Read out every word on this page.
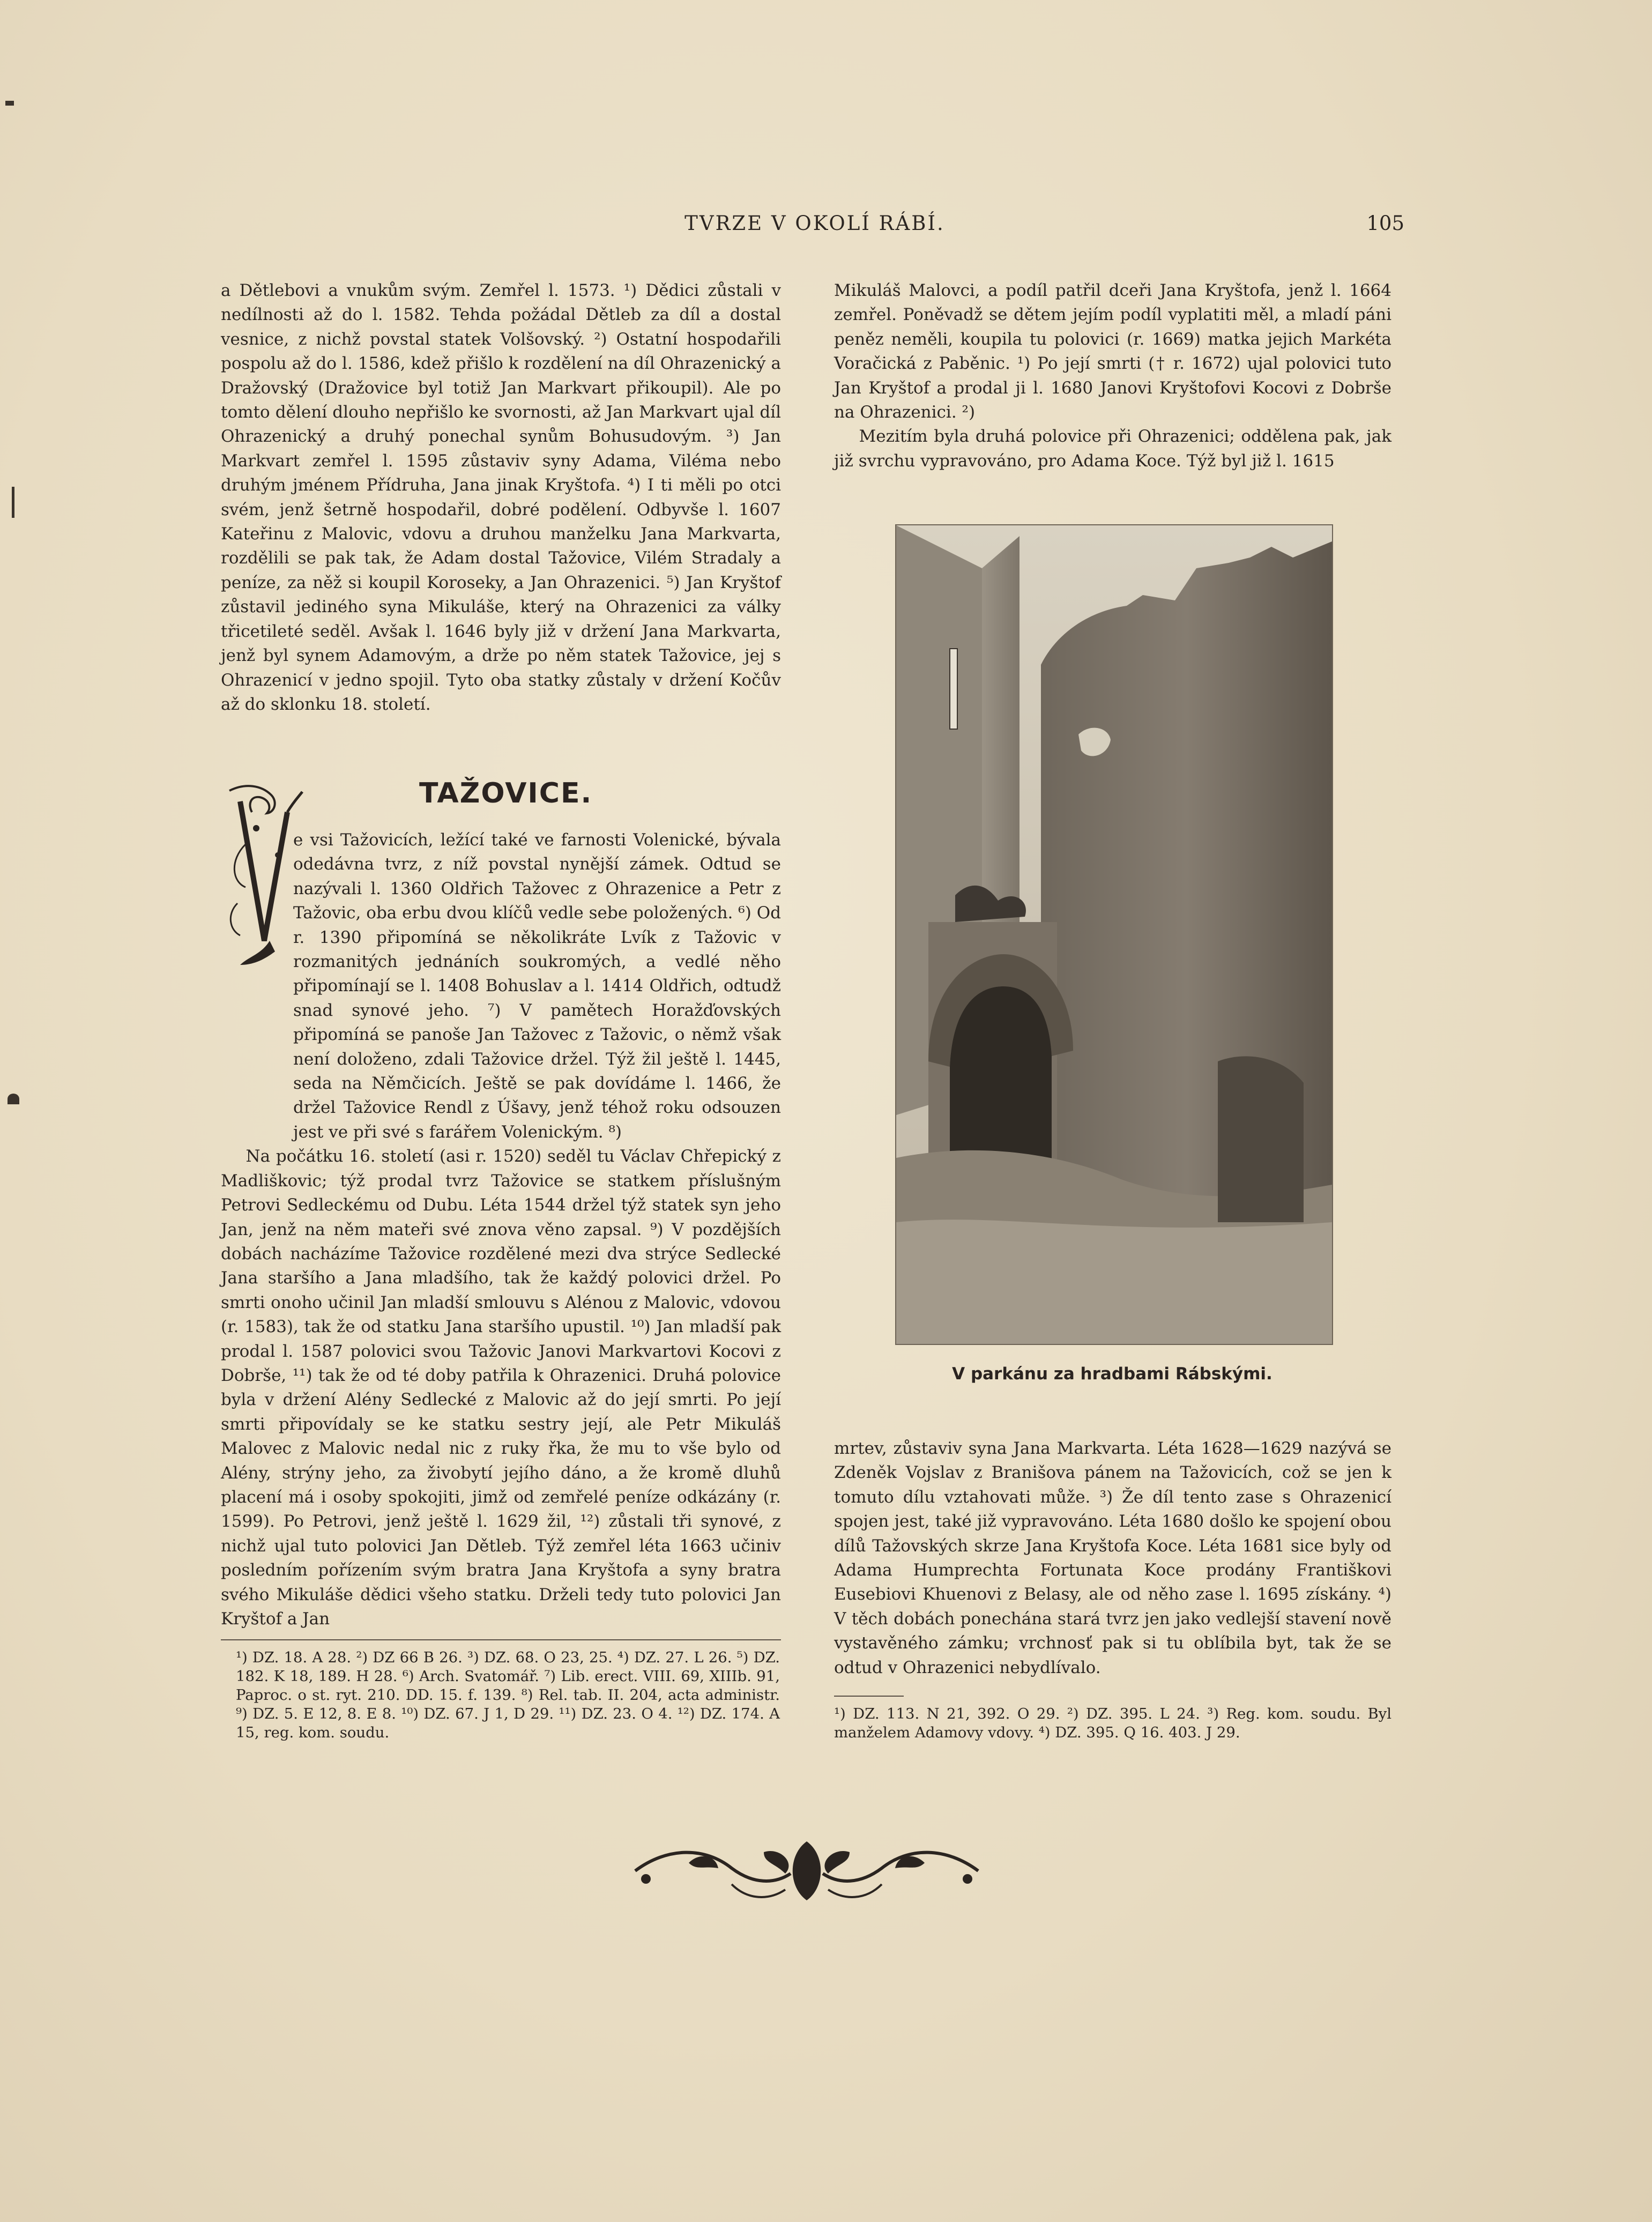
TVRZE V OKOLÍ RÁBÍ.	105

a Dětlebovi a vnukům svým. Zemřel l. 1573. ¹) Dědici zůstali v nedílnosti až do l. 1582. Tehda požádal Dětleb za díl a dostal vesnice, z nichž povstal statek Volšovský. ²) Ostatní hospodařili pospolu až do l. 1586, kdež přišlo k rozdělení na díl Ohrazenický a Dražovský (Dražovice byl totiž Jan Markvart přikoupil). Ale po tomto dělení dlouho nepřišlo ke svornosti, až Jan Markvart ujal díl Ohrazenický a druhý ponechal synům Bohusudovým. ³) Jan Markvart zemřel l. 1595 zůstaviv syny Adama, Viléma nebo druhým jménem Přídruha, Jana jinak Kryštofa. ⁴) I ti měli po otci svém, jenž šetrně hospodařil, dobré podělení. Odbyvše l. 1607 Kateřinu z Malovic, vdovu a druhou manželku Jana Markvarta, rozdělili se pak tak, že Adam dostal Tažovice, Vilém Stradaly a peníze, za něž si koupil Koroseky, a Jan Ohrazenici. ⁵) Jan Kryštof zůstavil jediného syna Mikuláše, který na Ohrazenici za války třicetileté seděl. Avšak l. 1646 byly již v držení Jana Markvarta, jenž byl synem Adamovým, a drže po něm statek Tažovice, jej s Ohrazenicí v jedno spojil. Tyto oba statky zůstaly v držení Kočův až do sklonku 18. století.

TAŽOVICE.

e vsi Tažovicích, ležící také ve farnosti Volenické, bývala odedávna tvrz, z níž povstal nynější zámek. Odtud se nazývali l. 1360 Oldřich Tažovec z Ohrazenice a Petr z Tažovic, oba erbu dvou klíčů vedle sebe položených. ⁶) Od r. 1390 připomíná se několikráte Lvík z Tažovic v rozmanitých jednáních soukromých, a vedlé něho připomínají se l. 1408 Bohuslav a l. 1414 Oldřich, odtudž snad synové jeho. ⁷) V pamětech Horažďovských připomíná se panoše Jan Tažovec z Tažovic, o němž však není doloženo, zdali Tažovice držel. Týž žil ještě l. 1445, seda na Němčicích. Ještě se pak dovídáme l. 1466, že držel Tažovice Rendl z Úšavy, jenž téhož roku odsouzen jest ve při své s farářem Volenickým. ⁸)

Na počátku 16. století (asi r. 1520) seděl tu Václav Chřepický z Madliškovic; týž prodal tvrz Tažovice se statkem příslušným Petrovi Sedleckému od Dubu. Léta 1544 držel týž statek syn jeho Jan, jenž na něm mateři své znova věno zapsal. ⁹) V pozdějších dobách nacházíme Tažovice rozdělené mezi dva strýce Sedlecké Jana staršího a Jana mladšího, tak že každý polovici držel. Po smrti onoho učinil Jan mladší smlouvu s Alénou z Malovic, vdovou (r. 1583), tak že od statku Jana staršího upustil. ¹⁰) Jan mladší pak prodal l. 1587 polovici svou Tažovic Janovi Markvartovi Kocovi z Dobrše, ¹¹) tak že od té doby patřila k Ohrazenici. Druhá polovice byla v držení Alény Sedlecké z Malovic až do její smrti. Po její smrti připovídaly se ke statku sestry její, ale Petr Mikuláš Malovec z Malovic nedal nic z ruky řka, že mu to vše bylo od Alény, strýny jeho, za živobytí jejího dáno, a že kromě dluhů placení má i osoby spokojiti, jimž od zemřelé peníze odkázány (r. 1599). Po Petrovi, jenž ještě l. 1629 žil, ¹²) zůstali tři synové, z nichž ujal tuto polovici Jan Dětleb. Týž zemřel léta 1663 učiniv posledním pořízením svým bratra Jana Kryštofa a syny bratra svého Mikuláše dědici všeho statku. Drželi tedy tuto polovici Jan Kryštof a Jan

Mikuláš Malovci, a podíl patřil dceři Jana Kryštofa, jenž l. 1664 zemřel. Poněvadž se dětem jejím podíl vyplatiti měl, a mladí páni peněz neměli, koupila tu polovici (r. 1669) matka jejich Markéta Voračická z Paběnic. ¹) Po její smrti († r. 1672) ujal polovici tuto Jan Kryštof a prodal ji l. 1680 Janovi Kryštofovi Kocovi z Dobrše na Ohrazenici. ²)

Mezitím byla druhá polovice při Ohrazenici; oddělena pak, jak již svrchu vypravováno, pro Adama Koce. Týž byl již l. 1615

V parkánu za hradbami Rábskými.

mrtev, zůstaviv syna Jana Markvarta. Léta 1628—1629 nazývá se Zdeněk Vojslav z Branišova pánem na Tažovicích, což se jen k tomuto dílu vztahovati může. ³) Že díl tento zase s Ohrazenicí spojen jest, také již vypravováno. Léta 1680 došlo ke spojení obou dílů Tažovských skrze Jana Kryštofa Koce. Léta 1681 sice byly od Adama Humprechta Fortunata Koce prodány Františkovi Eusebiovi Khuenovi z Belasy, ale od něho zase l. 1695 získány. ⁴) V těch dobách ponechána stará tvrz jen jako vedlejší stavení nově vystavěného zámku; vrchnosť pak si tu oblíbila byt, tak že se odtud v Ohrazenici nebydlívalo.

¹) DZ. 18. A 28. ²) DZ 66 B 26. ³) DZ. 68. O 23, 25. ⁴) DZ. 27. L 26. ⁵) DZ. 182. K 18, 189. H 28. ⁶) Arch. Svatomář. ⁷) Lib. erect. VIII. 69, XIIIb. 91, Paproc. o st. ryt. 210. DD. 15. f. 139. ⁸) Rel. tab. II. 204, acta administr. ⁹) DZ. 5. E 12, 8. E 8. ¹⁰) DZ. 67. J 1, D 29. ¹¹) DZ. 23. O 4. ¹²) DZ. 174. A 15, reg. kom. soudu.
¹) DZ. 113. N 21, 392. O 29. ²) DZ. 395. L 24. ³) Reg. kom. soudu. Byl manželem Adamovy vdovy. ⁴) DZ. 395. Q 16. 403. J 29.
